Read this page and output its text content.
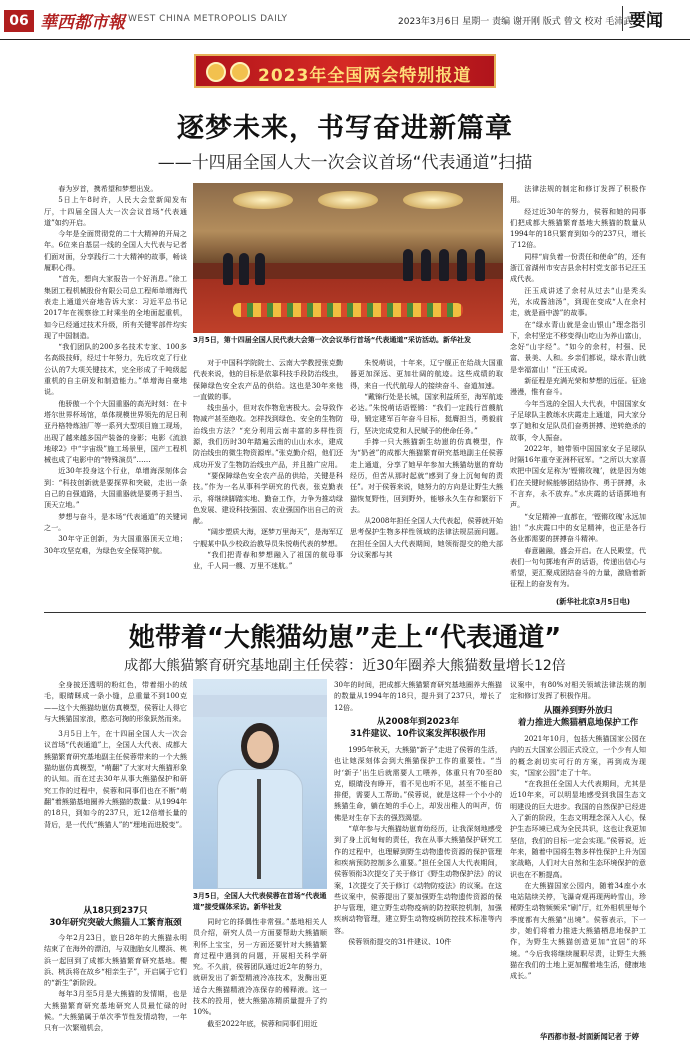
06 華西都市報 WEST CHINA METROPOLIS DAILY	2023年3月6日 星期一 责编 谢开刚 版式 曾文 校对 毛沛武
要闻
2023年全国两会特别报道
逐梦未来，书写奋进新篇章
——十四届全国人大一次会议首场“代表通道”扫描

春为岁首，携希望和梦想出发。

5日上午8时许，人民大会堂新闻发布厅，十四届全国人大一次会议首场“代表通道”如约开启。

今年是全面贯彻党的二十大精神的开局之年。6位来自基层一线的全国人大代表与记者们面对面，分享践行二十大精神的故事，畅谈履职心得。

“首先，想向大家报告一个好消息。”徐工集团工程机械股份有限公司总工程师单增海代表走上通道兴奋地告诉大家：习近平总书记2017年在视察徐工时乘坐的全地面起重机，如今已经通过技术升级，所有关键零部件均实现了中国制造。

“我们团队的200多名技术专家、100多名高级技师，经过十年努力，先后攻克了行业公认的7大项关键技术，完全形成了千吨级起重机的自主研发和制造能力。”单增海自豪地说。

他骄傲一个个大国重器的高光时刻：在卡塔尔世界杯场馆，单体规模世界领先的尼日利亚丹格特炼油厂等一系列大型项目施工现场，出现了越来越多国产装备的身影；电影《流浪地球2》中“宇宙级”施工场景里，国产工程机械也成了电影中的“特殊演员”……

近30年投身这个行业，单增海深刻体会到：“科技创新就是要探界和突破，走出一条自己的自强道路，大国重器就是要勇于担当、顶天立地。”

梦想与奋斗，是本场“代表通道”的关键词之一。

30年守正创新，为大国重器顶天立地；30年攻坚克难，为绿色安全保驾护航。

3月5日，第十四届全国人民代表大会第一次会议举行首场“代表通道”采访活动。新华社发

对于中国科学院院士、云南大学教授张克勤代表来说，他的目标是依靠科技手段防治线虫，保障绿色安全农产品的供给。这也是30年来他一直做的事。

线虫虽小，但对农作物危害极大。会导致作物减产甚至绝收。怎样找到绿色、安全的生物防治线虫方法？“充分利用云南丰富的多样性资源，我们历时30年踏遍云南的山山水水，建成防治线虫的微生物资源库。”张克勤介绍，他们还成功开发了生物防治线虫产品，并且推广应用。

“要保障绿色安全农产品的供给，关键是科技。”作为一名从事科学研究的代表，张克勤表示，将继续脚踏实地、勤奋工作，力争为推动绿色发展、建设科技强国、农业强国作出自己的贡献。

“阔步塑质大海，逐梦万里海天”，是海军辽宁舰某中队少校政治教导员朱悦萌代表的梦想。

“我们把青春和梦想融入了祖国的航母事业，千人同一艘、万里不迷航。”

朱悦萌说，十年来，辽宁舰正在给战大国重器更加深远、更加壮阔的航迹。这些成绩的取得，来自一代代航母人的接续奋斗、奋道加速。

“戴锦行处是长城，国家利益所至，海军航迹必达。”朱悦萌话语铿锵：“我们一定践行首艘航母，锻定建军百年奋斗目标，挺膺担当，勇毅前行，坚决完成党和人民赋予的使命任务。”

手捧一只大熊猫新生幼崽的仿真模型，作为“奶爸”的成都大熊猫繁育研究基地副主任侯蓉走上通道，分享了她早年参加大熊猫幼崽的育幼经历，但苦从那时起就“感到了身上沉甸甸的责任”。对于侯蓉来说，她努力的方向是让野生大熊猫恢复野性，回到野外，能够永久生存和繁衍下去。

从2008年担任全国人大代表起，侯蓉就开始思考保护生物多样性领域的法律法规层面问题。在担任全国人大代表期间，她领衔提交的绝大部分议案都与其

法律法规的制定和修订发挥了积极作用。

经过近30年的努力，侯蓉和她的同事们把成都大熊猫繁育基地大熊猫的数量从1994年的18只繁育到如今的237只，增长了12倍。

同样“肩负着一份责任和使命”的，还有浙江省湖州市安吉县余村村党支部书记汪玉成代表。

汪玉成讲述了余村从过去“山是秃头光，水成酱油汤”，到现在变成“人在余村走，就是画中游”的故事。

在“绿水青山就是金山银山”理念指引下，余村坚定不移变得山吃山为养山富山，念好“山字经”。“如今的余村，村强、民富、景美、人和。乡亲们都说，绿水青山就是幸福富山！”汪玉成说。

新征程是充满光荣和梦想的远征。征途漫漫，惟有奋斗。

今年当选的全国人大代表，中国国家女子足球队主教练水庆霞走上通道，同大家分享了她和女足队员们奋勇拼搏、逆转绝杀的故事，令人振奋。

2022年，她带领中国国家女子足球队时隔16年重夺亚洲杯冠军。“之所以大家喜欢把中国女足称为‘铿锵玫瑰’，就是因为她们在关键时候能够团结协作、勇于拼搏，永不言弃，永不放弃。”水庆霞的话语掷地有声。

“女足精神一直都在，‘铿锵玫瑰’永远加油！”水庆霞口中的女足精神，也正是各行各业都需要的拼搏奋斗精神。

春意融融，盛会开启。在人民殿堂，代表们一句句掷地有声的话语，传递出信心与希望，更汇聚成团结奋斗的力量，激励着新征程上的奋发有为。

(新华社北京3月5日电)
她带着“大熊猫幼崽”走上“代表通道”
成都大熊猫繁育研究基地副主任侯蓉：近30年圈养大熊猫数量增长12倍

全身披还透明的粉红色，带着细小的绒毛，眼睛眯成一条小缝，总重量不到100克——这个大熊猫幼崽仿真模型，侯蓉让人得它与大熊猫国家浪，憨态可掬的形象跃然而来。

3月5日上午，在十四届全国人大一次会议首场“代表通道”上，全国人大代表、成都大熊猫繁育研究基地副主任侯蓉带来的一个大熊猫幼崽仿真模型，“萌翻”了大家对大熊猫形象的认知。而在过去30年从事大熊猫保护和研究工作的过程中，侯蓉和同事们也在不断“萌翻”着熊猫基地圈养大熊猫的数量：从1994年的18只，到如今的237只，近12倍增长量的背后，是一代代“熊猫人”的“埋地而进脱变”。

从18只到237只
30年研究突破大熊猫人工繁育瓶颈

今年2月23日，旅日28年的大熊猫永明结束了在海外的漂泊，与双胞胎女儿樱浜、桃浜一起回到了成都大熊猫繁育研究基地。樱浜、桃浜将在故乡“相亲生子”，开启属于它们的“新生”新阶段。

每年3月至5月是大熊猫的发情期，也是大熊猫繁育研究基地研究人员最忙碌的时候。“大熊猫属于单次季节性发情动物，一年只有一次繁殖机会，

3月5日，全国人大代表侯蓉在首场“代表通道”接受媒体采访。新华社发

同时它的择偶性非常强。”基地相关人员介绍，研究人员一方面要帮助大熊猫顺利怀上宝宝，另一方面还要针对大熊猫繁育过程中遇到的问题，开展相关科学研究。不久前，侯蓉团队通过近2年的努力，就研发出了新型精液冷冻技术，发酶出更适合大熊猫精液冷冻保存的稀释液。这一技术的投用，使大熊猫冻精质量提升了约10%。

截至2022年底，侯蓉和同事们用近

30年的时间，把成都大熊猫繁育研究基地圈养大熊猫的数量从1994年的18只，提升到了237只，增长了12倍。

从2008年到2023年
31件建议、10件议案发挥积极作用

1995年秋天，大熊猫“新子”走进了侯蓉的生活，也让她深刻体会到大熊猫保护工作的重要性。“当时‘新子’出生后就需要人工喂养，体重只有70至80克，眼睛没有睁开，看不见也听不见，甚至不能自己排便，需要人工帮助。”侯蓉说，就是这样一个小小的熊猫生命，躺在她的手心上，却发出稚人的叫声，仿佛是对生存下去的强烈渴望。

“草年参与大熊猫幼崽育幼经历，让我深刻地感受到了身上沉甸甸的责任，我在从事大熊猫保护研究工作的过程中，也理解到野生动物遗传资源的保护管理和疾病预防控制多么重要。”担任全国人大代表期间，侯蓉领衔3次提交了关于修订《野生动物保护法》的议案，1次提交了关于修订《动物防疫法》的议案。在这些议案中，侯蓉提出了要加强野生动物遗传资源的保护与管理，建立野生动物疫病的防控联控机制，加强疾病动物管理，建立野生动物疫病防控技术标准等内容。

侯蓉领衔提交的31件建议、10件

议案中，有80%对相关领域法律法规的制定和修订发挥了积极作用。

从圈养到野外放归
着力推进大熊猫栖息地保护工作

2021年10月，包括大熊猫国家公园在内的五大国家公园正式设立，一个少有人知的概念刹切实可行的方案，再到成为现实，“国家公园”走了十年。

“在我担任全国人大代表期间，尤其是近10年来，可以明显地感受到我国生态文明建设的巨大进步。我国的自然保护已经进入了新的阶段，生态文明理念深入人心，保护生态环境已成为全民共识，这也让我更加坚信，我们的目标一定会实现。”侯蓉说，近年来，随着中国将生物多样性保护上升为国家战略，人们对大自然和生态环境保护的意识也在不断提高。

在大熊猫国家公园内，随着34座小水电站陆续关停，飞瀑奇观再现两岭雪山，珍稀野生动物频频采“刷”厅，红外相机里每个季度都有大熊猫“出境”。侯蓉表示，下一步，她们将着力推进大熊猫栖息地保护工作，为野生大熊猫创造更加“宜居”的环境。“今后我将继续履职尽责，让野生大熊猫在我们的土地上更加醒着地生活，健康地成长。”

华西都市报-封面新闻记者 于婷
